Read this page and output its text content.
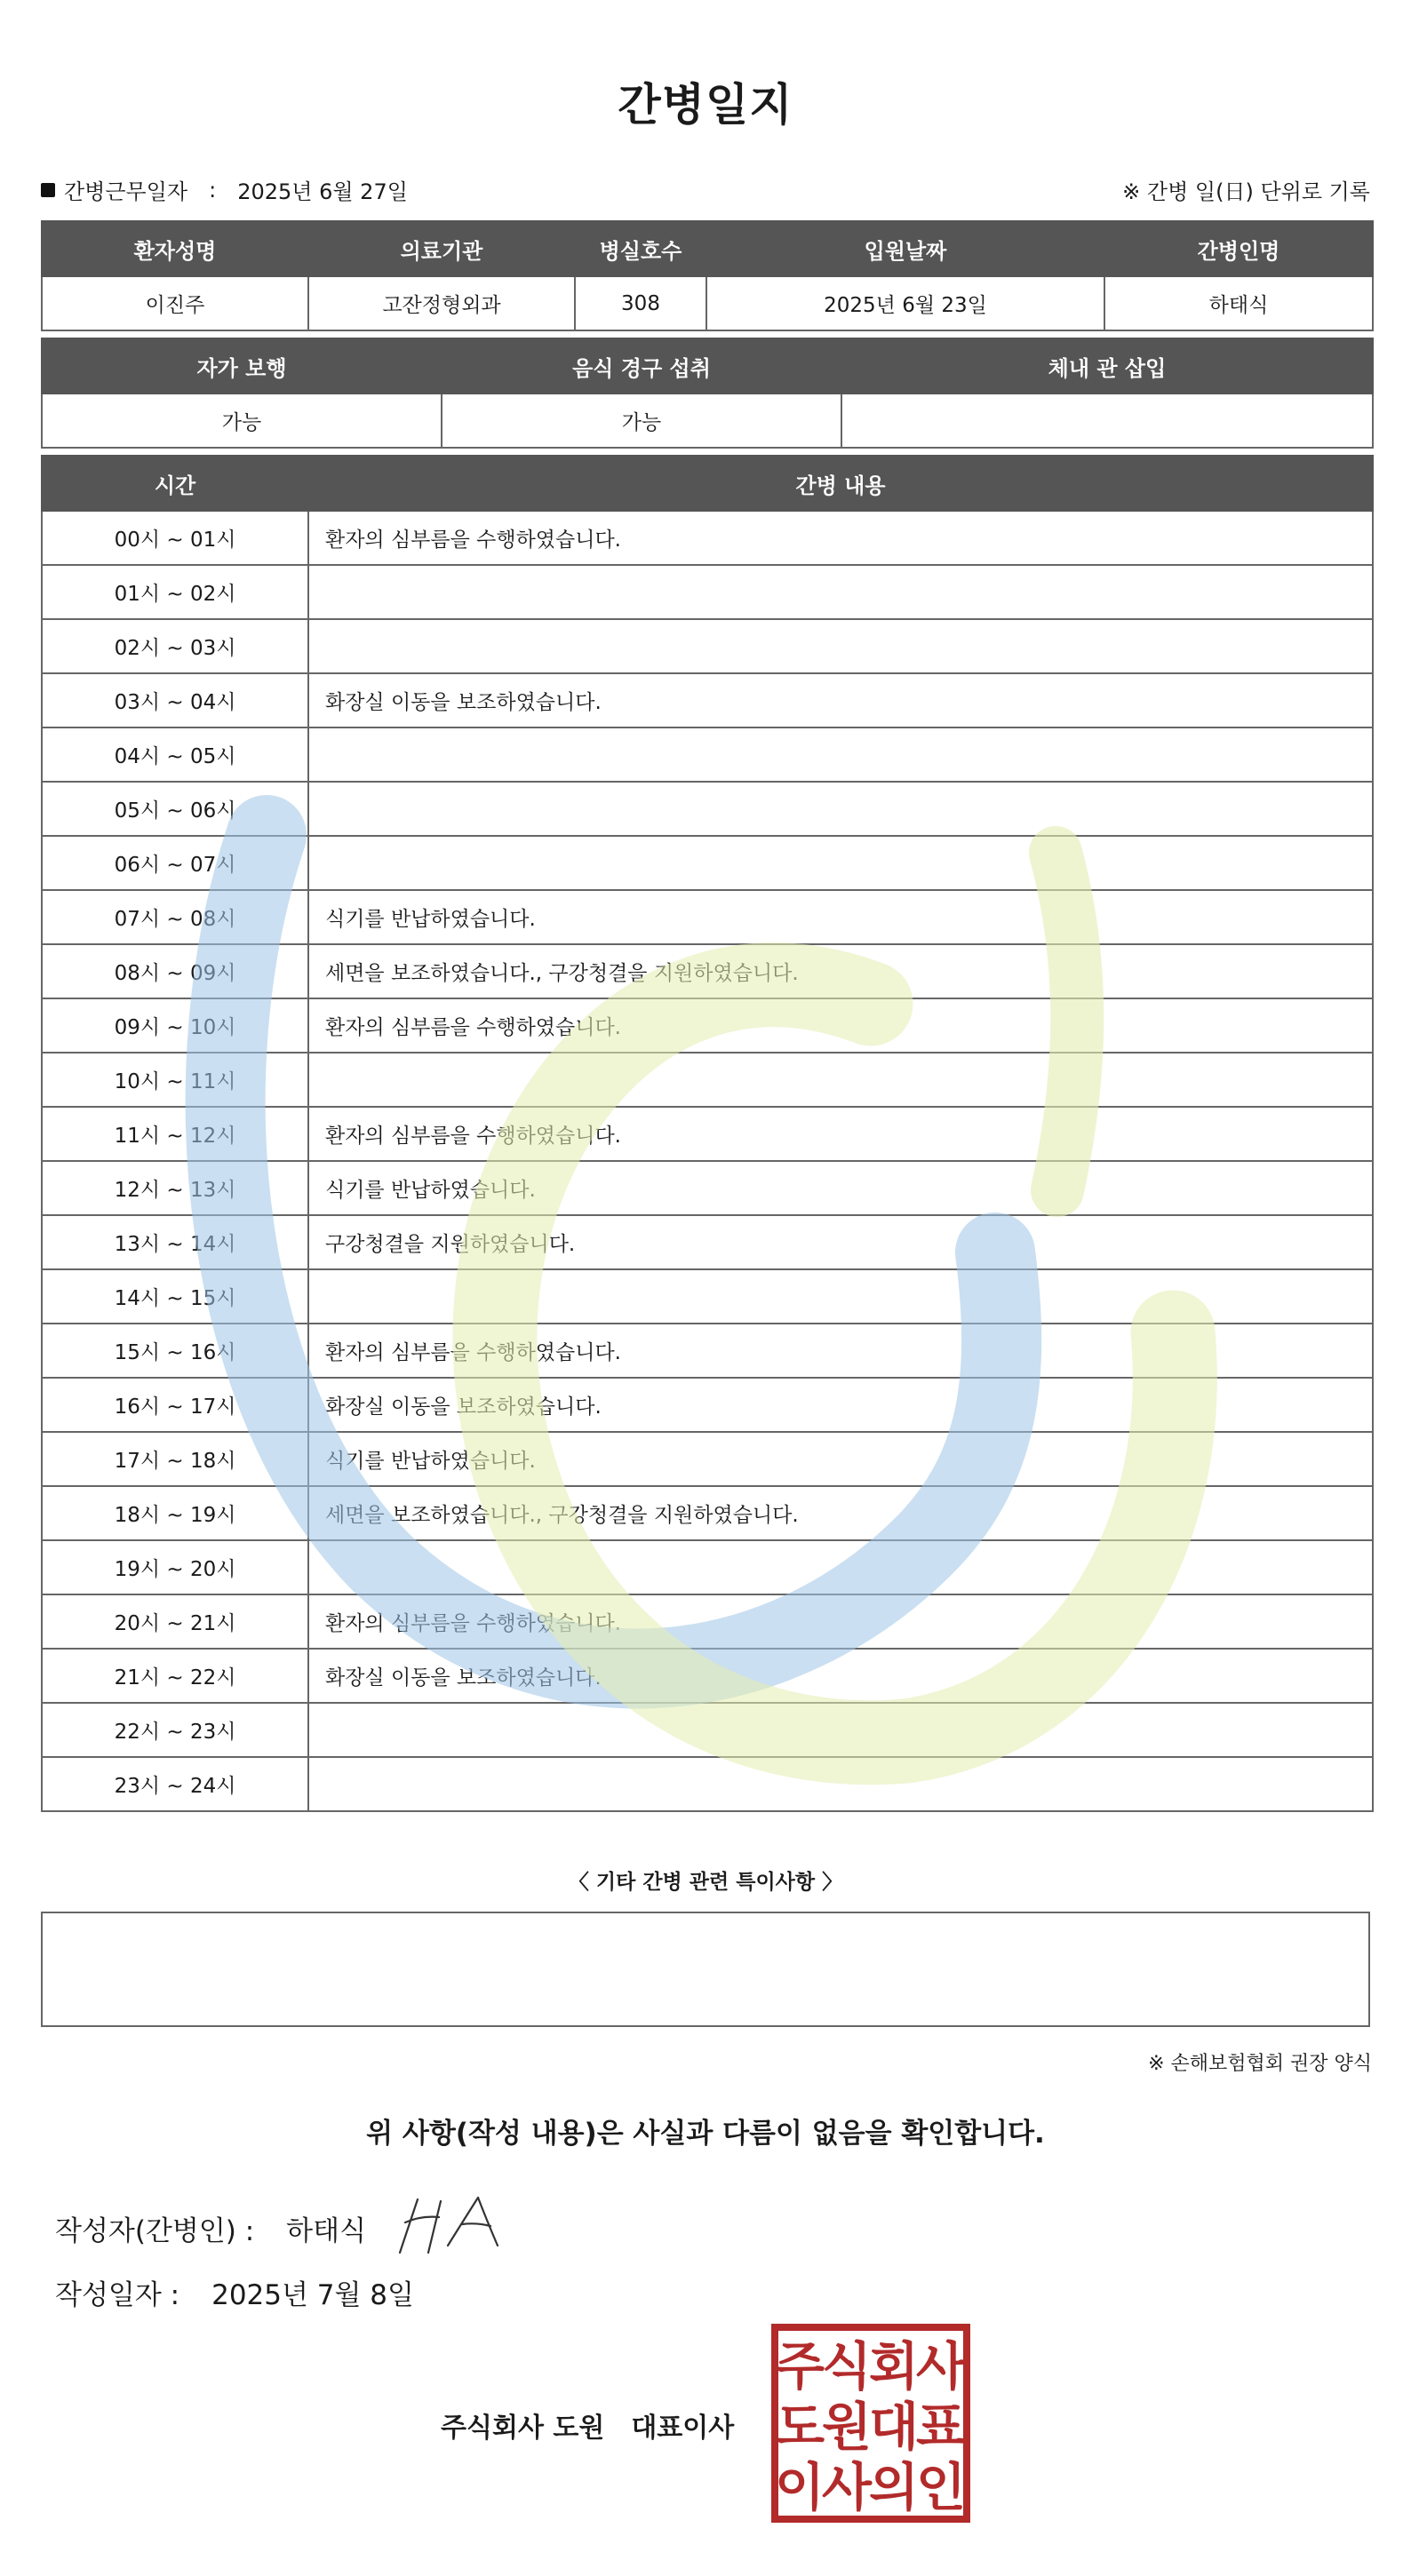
간병일지
간병근무일자 : 2025년 6월 27일	※ 간병 일(日) 단위로 기록
환자성명	의료기관	병실호수	입원날짜	간병인명
이진주	고잔정형외과	308	2025년 6월 23일	하태식
자가 보행	음식 경구 섭취	체내 관 삽입
가능	가능	
시간	간병 내용
00시 ~ 01시	환자의 심부름을 수행하였습니다.
01시 ~ 02시	
02시 ~ 03시	
03시 ~ 04시	화장실 이동을 보조하였습니다.
04시 ~ 05시	
05시 ~ 06시	
06시 ~ 07시	
07시 ~ 08시	식기를 반납하였습니다.
08시 ~ 09시	세면을 보조하였습니다., 구강청결을 지원하였습니다.
09시 ~ 10시	환자의 심부름을 수행하였습니다.
10시 ~ 11시	
11시 ~ 12시	환자의 심부름을 수행하였습니다.
12시 ~ 13시	식기를 반납하였습니다.
13시 ~ 14시	구강청결을 지원하였습니다.
14시 ~ 15시	
15시 ~ 16시	환자의 심부름을 수행하였습니다.
16시 ~ 17시	화장실 이동을 보조하였습니다.
17시 ~ 18시	식기를 반납하였습니다.
18시 ~ 19시	세면을 보조하였습니다., 구강청결을 지원하였습니다.
19시 ~ 20시	
20시 ~ 21시	환자의 심부름을 수행하였습니다.
21시 ~ 22시	화장실 이동을 보조하였습니다.
22시 ~ 23시	
23시 ~ 24시	
〈 기타 간병 관련 특이사항 〉
※ 손해보험협회 권장 양식
위 사항(작성 내용)은 사실과 다름이 없음을 확인합니다.
작성자(간병인) : 하태식
작성일자 : 2025년 7월 8일
주식회사 도원 대표이사
주
식
회
사
도
원
대
표
이
사
의
인
